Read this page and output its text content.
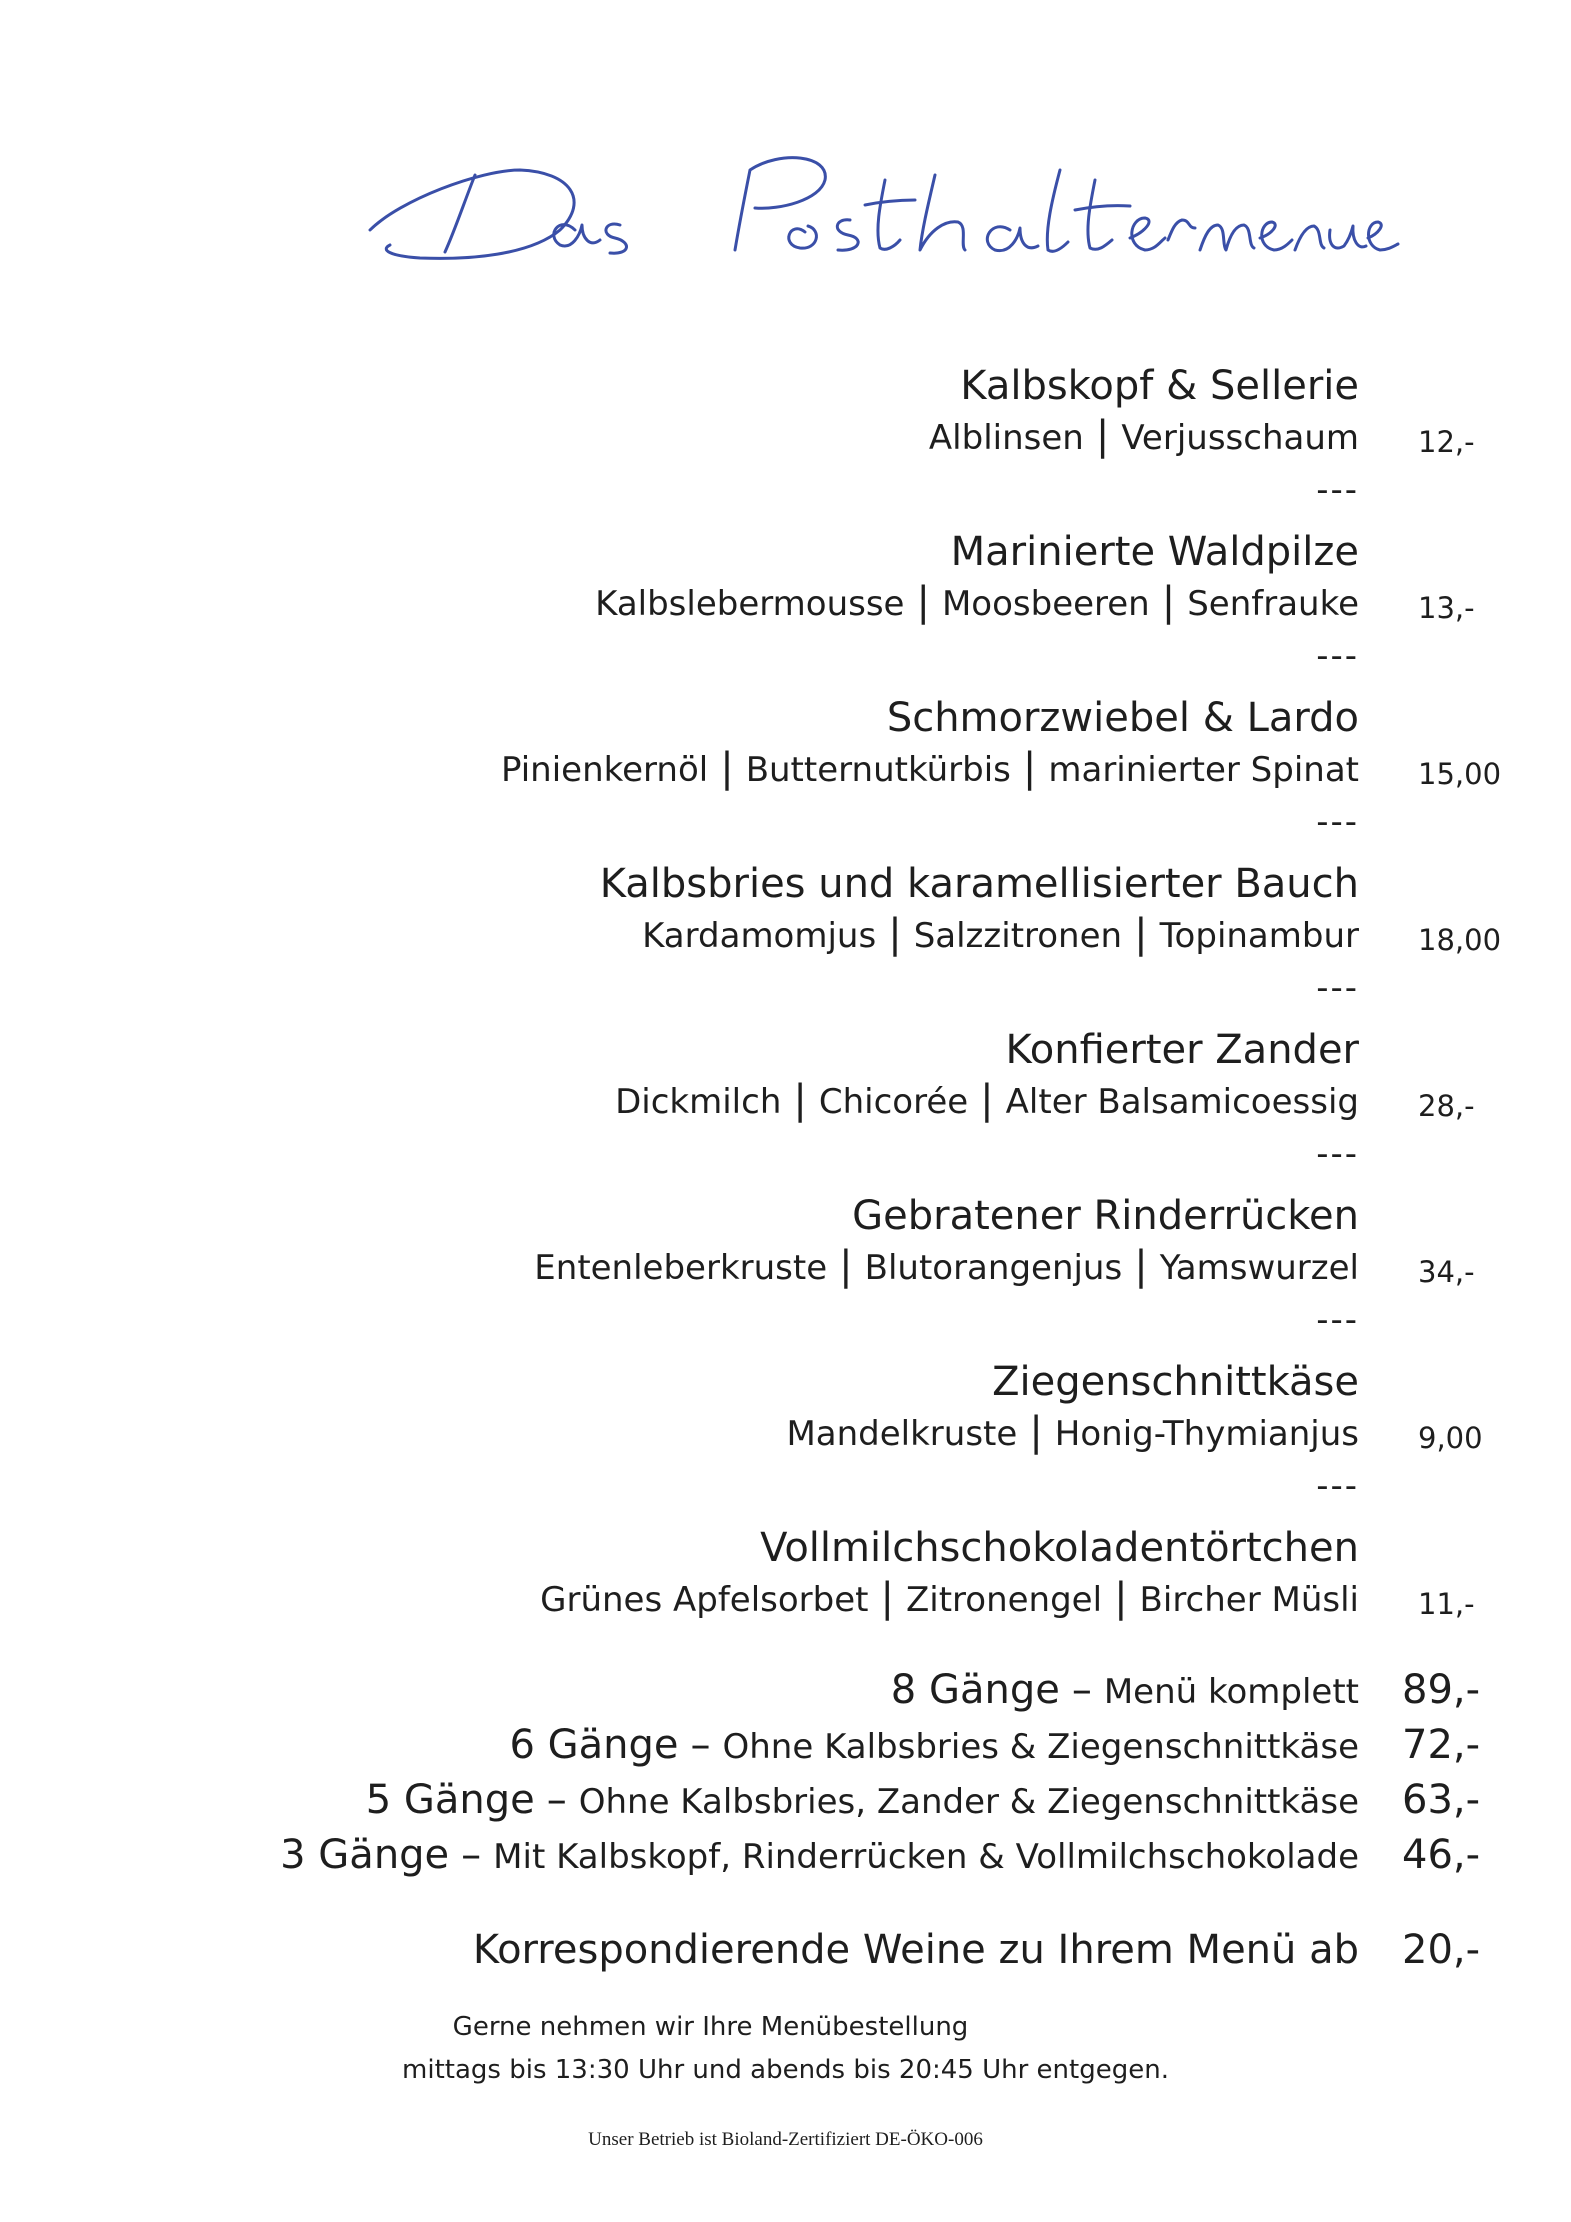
Kalbskopf & Sellerie
Alblinsen | Verjusschaum 12,-
---
Marinierte Waldpilze
Kalbslebermousse | Moosbeeren | Senfrauke 13,-
---
Schmorzwiebel & Lardo
Pinienkernöl | Butternutkürbis | marinierter Spinat 15,00
---
Kalbsbries und karamellisierter Bauch
Kardamomjus | Salzzitronen | Topinambur 18,00
---
Konfierter Zander
Dickmilch | Chicorée | Alter Balsamicoessig 28,-
---
Gebratener Rinderrücken
Entenleberkruste | Blutorangenjus | Yamswurzel 34,-
---
Ziegenschnittkäse
Mandelkruste | Honig-Thymianjus 9,00
---
Vollmilchschokoladentörtchen
Grünes Apfelsorbet | Zitronengel | Bircher Müsli 11,-
8 Gänge – Menü komplett 89,-
6 Gänge – Ohne Kalbsbries & Ziegenschnittkäse 72,-
5 Gänge – Ohne Kalbsbries, Zander & Ziegenschnittkäse 63,-
3 Gänge – Mit Kalbskopf, Rinderrücken & Vollmilchschokolade 46,-
Korrespondierende Weine zu Ihrem Menü ab 20,-
Gerne nehmen wir Ihre Menübestellung
mittags bis 13:30 Uhr und abends bis 20:45 Uhr entgegen.
Unser Betrieb ist Bioland-Zertifiziert DE-ÖKO-006
